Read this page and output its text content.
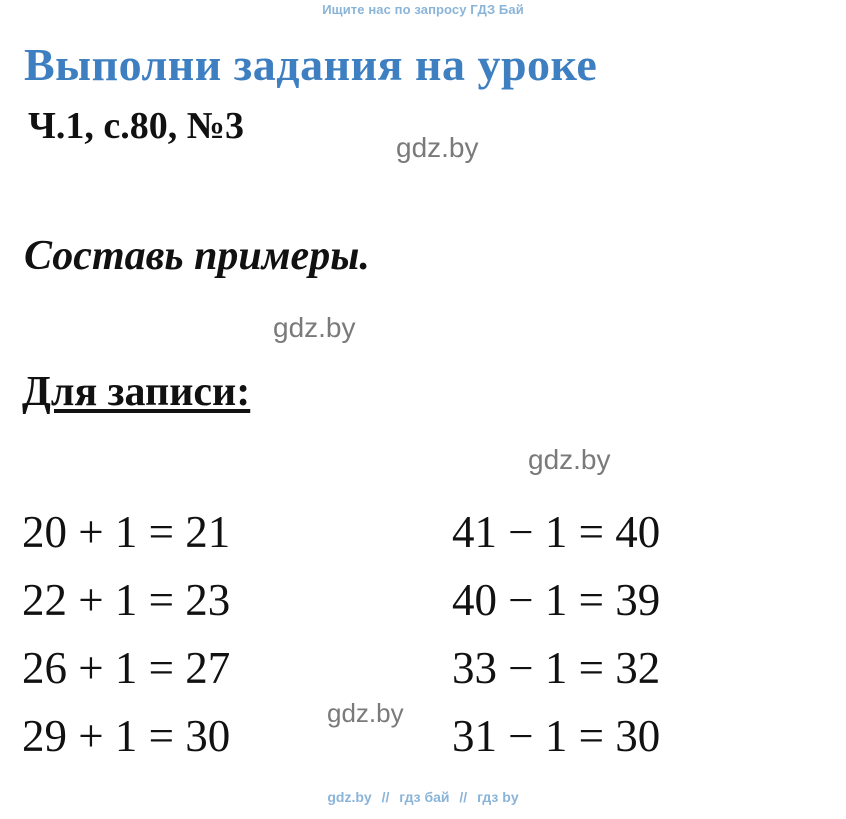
Ищите нас по запросу ГДЗ Бай
Выполни задания на уроке
Ч.1, с.80, №3
gdz.by
Составь примеры.
gdz.by
Для записи:
gdz.by
20 + 1 = 21
22 + 1 = 23
26 + 1 = 27
29 + 1 = 30
41 − 1 = 40
40 − 1 = 39
33 − 1 = 32
31 − 1 = 30
gdz.by
gdz.by // гдз бай // гдз by
